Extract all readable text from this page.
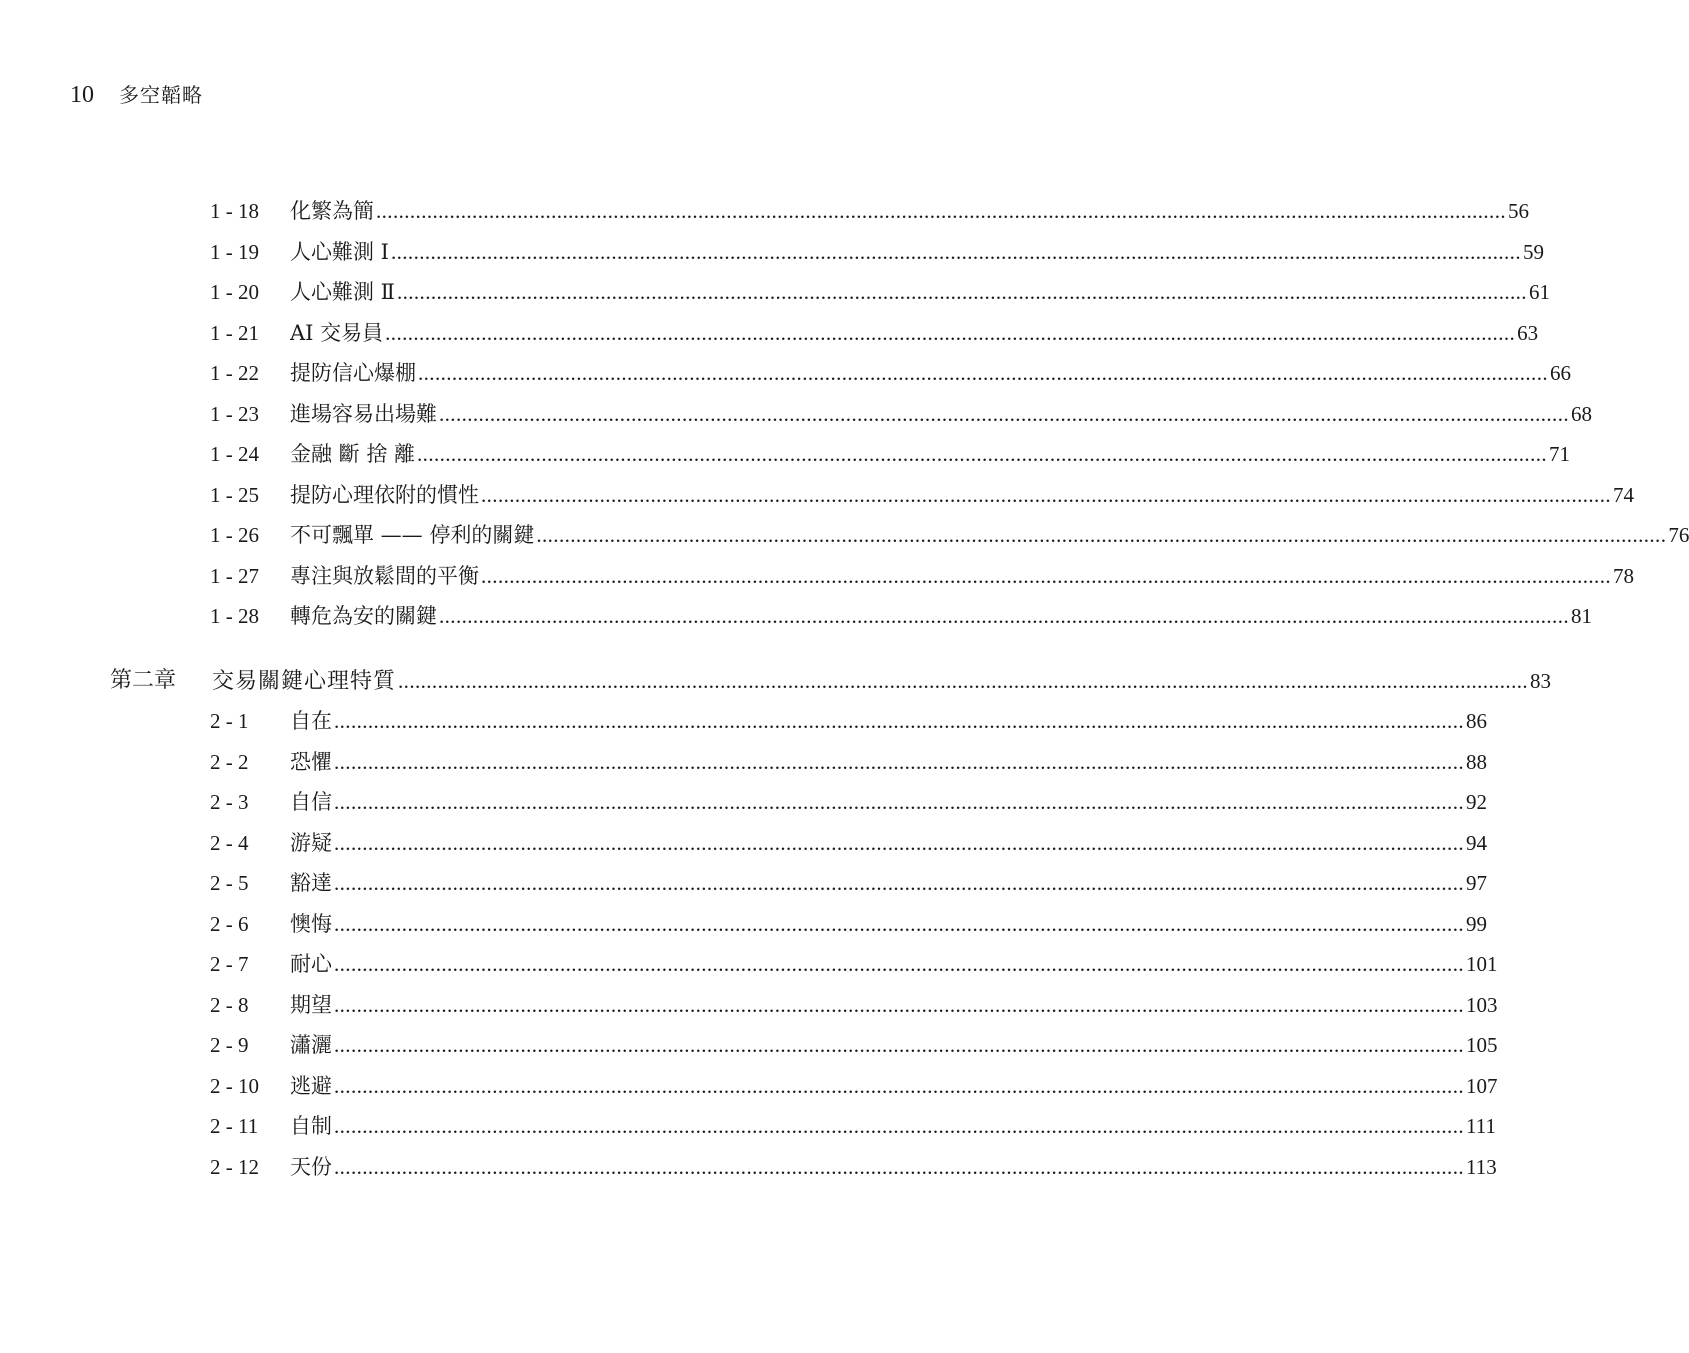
10 多空韜略
1 - 18 化繁為簡 ........................................................................................................................................................................................................ 56
1 - 19 人心難測 Ⅰ ........................................................................................................................................................................................................ 59
1 - 20 人心難測 Ⅱ ........................................................................................................................................................................................................ 61
1 - 21 AI 交易員 ........................................................................................................................................................................................................ 63
1 - 22 提防信心爆棚 ........................................................................................................................................................................................................ 66
1 - 23 進場容易出場難 ........................................................................................................................................................................................................ 68
1 - 24 金融 斷 捨 離 ........................................................................................................................................................................................................ 71
1 - 25 提防心理依附的慣性 ........................................................................................................................................................................................................ 74
1 - 26 不可飄單 —— 停利的關鍵 ........................................................................................................................................................................................................ 76
1 - 27 專注與放鬆間的平衡 ........................................................................................................................................................................................................ 78
1 - 28 轉危為安的關鍵 ........................................................................................................................................................................................................ 81
第二章 交易關鍵心理特質 ........................................................................................................................................................................................................ 83
2 - 1 自在 ........................................................................................................................................................................................................ 86
2 - 2 恐懼 ........................................................................................................................................................................................................ 88
2 - 3 自信 ........................................................................................................................................................................................................ 92
2 - 4 游疑 ........................................................................................................................................................................................................ 94
2 - 5 豁達 ........................................................................................................................................................................................................ 97
2 - 6 懊悔 ........................................................................................................................................................................................................ 99
2 - 7 耐心 ........................................................................................................................................................................................................ 101
2 - 8 期望 ........................................................................................................................................................................................................ 103
2 - 9 瀟灑 ........................................................................................................................................................................................................ 105
2 - 10 逃避 ........................................................................................................................................................................................................ 107
2 - 11 自制 ........................................................................................................................................................................................................ 111
2 - 12 天份 ........................................................................................................................................................................................................ 113
